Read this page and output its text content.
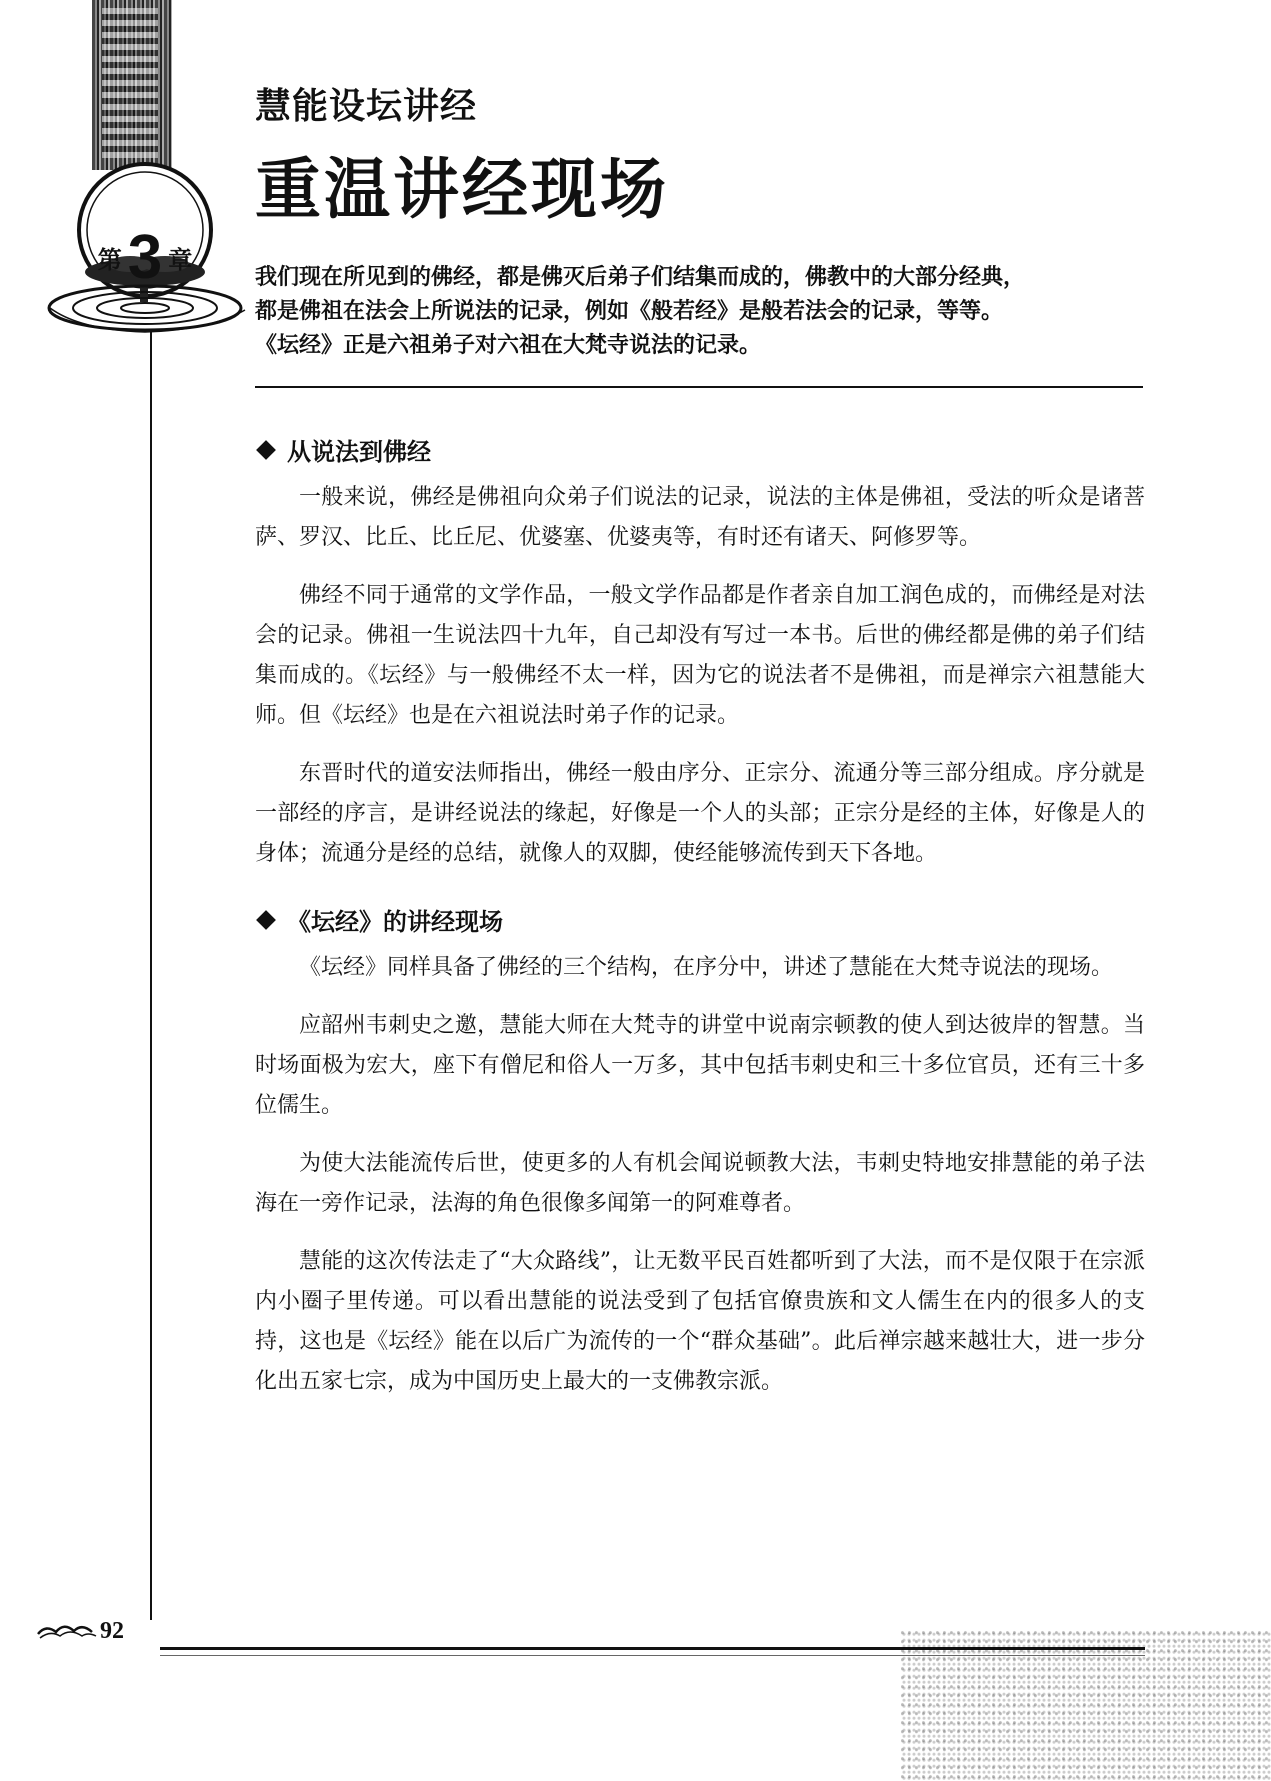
第3 章
慧能设坛讲经
重温讲经现场

我们现在所见到的佛经，都是佛灭后弟子们结集而成的，佛教中的大部分经典，

都是佛祖在法会上所说法的记录，例如《般若经》是般若法会的记录，等等。

《坛经》正是六祖弟子对六祖在大梵寺说法的记录。

从说法到佛经

一般来说，佛经是佛祖向众弟子们说法的记录，说法的主体是佛祖，受法的听众是诸菩萨、罗汉、比丘、比丘尼、优婆塞、优婆夷等，有时还有诸天、阿修罗等。

佛经不同于通常的文学作品，一般文学作品都是作者亲自加工润色成的，而佛经是对法会的记录。佛祖一生说法四十九年，自己却没有写过一本书。后世的佛经都是佛的弟子们结集而成的。《坛经》与一般佛经不太一样，因为它的说法者不是佛祖，而是禅宗六祖慧能大师。但《坛经》也是在六祖说法时弟子作的记录。

东晋时代的道安法师指出，佛经一般由序分、正宗分、流通分等三部分组成。序分就是一部经的序言，是讲经说法的缘起，好像是一个人的头部；正宗分是经的主体，好像是人的身体；流通分是经的总结，就像人的双脚，使经能够流传到天下各地。

《坛经》的讲经现场

《坛经》同样具备了佛经的三个结构，在序分中，讲述了慧能在大梵寺说法的现场。

应韶州韦刺史之邀，慧能大师在大梵寺的讲堂中说南宗顿教的使人到达彼岸的智慧。当时场面极为宏大，座下有僧尼和俗人一万多，其中包括韦刺史和三十多位官员，还有三十多位儒生。

为使大法能流传后世，使更多的人有机会闻说顿教大法，韦刺史特地安排慧能的弟子法海在一旁作记录，法海的角色很像多闻第一的阿难尊者。

慧能的这次传法走了“大众路线”，让无数平民百姓都听到了大法，而不是仅限于在宗派内小圈子里传递。可以看出慧能的说法受到了包括官僚贵族和文人儒生在内的很多人的支持，这也是《坛经》能在以后广为流传的一个“群众基础”。此后禅宗越来越壮大，进一步分化出五家七宗，成为中国历史上最大的一支佛教宗派。

92
